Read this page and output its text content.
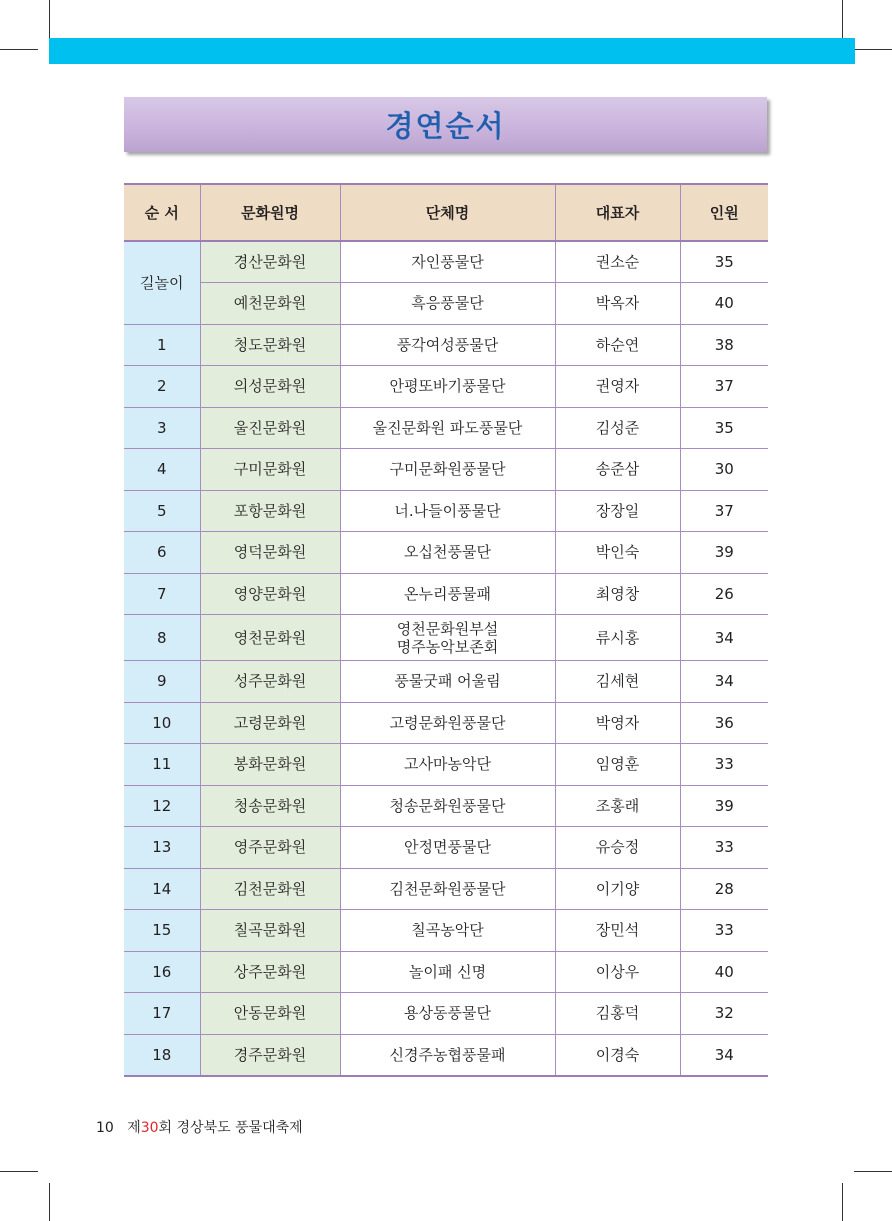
경연순서
순 서	문화원명	단체명	대표자	인원
길놀이	경산문화원	자인풍물단	권소순	35
	예천문화원	흑응풍물단	박옥자	40
1	청도문화원	풍각여성풍물단	하순연	38
2	의성문화원	안평또바기풍물단	권영자	37
3	울진문화원	울진문화원 파도풍물단	김성준	35
4	구미문화원	구미문화원풍물단	송준삼	30
5	포항문화원	너.나들이풍물단	장장일	37
6	영덕문화원	오십천풍물단	박인숙	39
7	영양문화원	온누리풍물패	최영창	26
8	영천문화원	영천문화원부설
명주농악보존회	류시홍	34
9	성주문화원	풍물굿패 어울림	김세현	34
10	고령문화원	고령문화원풍물단	박영자	36
11	봉화문화원	고사마농악단	임영훈	33
12	청송문화원	청송문화원풍물단	조홍래	39
13	영주문화원	안정면풍물단	유승정	33
14	김천문화원	김천문화원풍물단	이기양	28
15	칠곡문화원	칠곡농악단	장민석	33
16	상주문화원	놀이패 신명	이상우	40
17	안동문화원	용상동풍물단	김홍덕	32
18	경주문화원	신경주농협풍물패	이경숙	34
10 제30회 경상북도 풍물대축제
